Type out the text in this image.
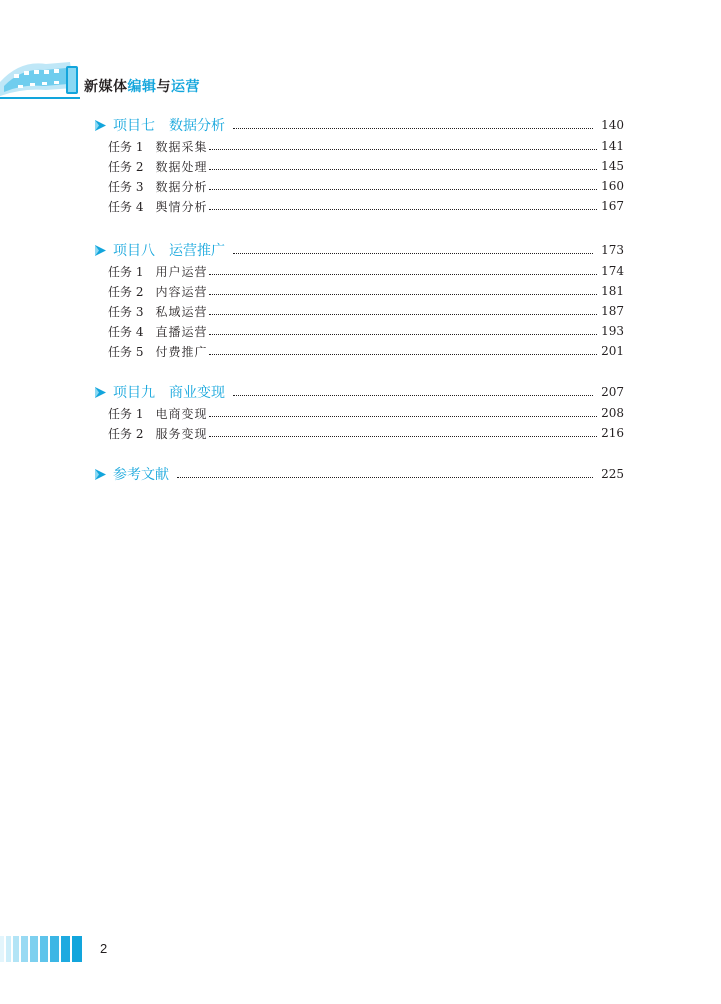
新媒体编辑与运营
项目七 数据分析	140
任务 1 数据采集	141
任务 2 数据处理	145
任务 3 数据分析	160
任务 4 舆情分析	167
项目八 运营推广	173
任务 1 用户运营	174
任务 2 内容运营	181
任务 3 私域运营	187
任务 4 直播运营	193
任务 5 付费推广	201
项目九 商业变现	207
任务 1 电商变现	208
任务 2 服务变现	216
参考文献	225
2
